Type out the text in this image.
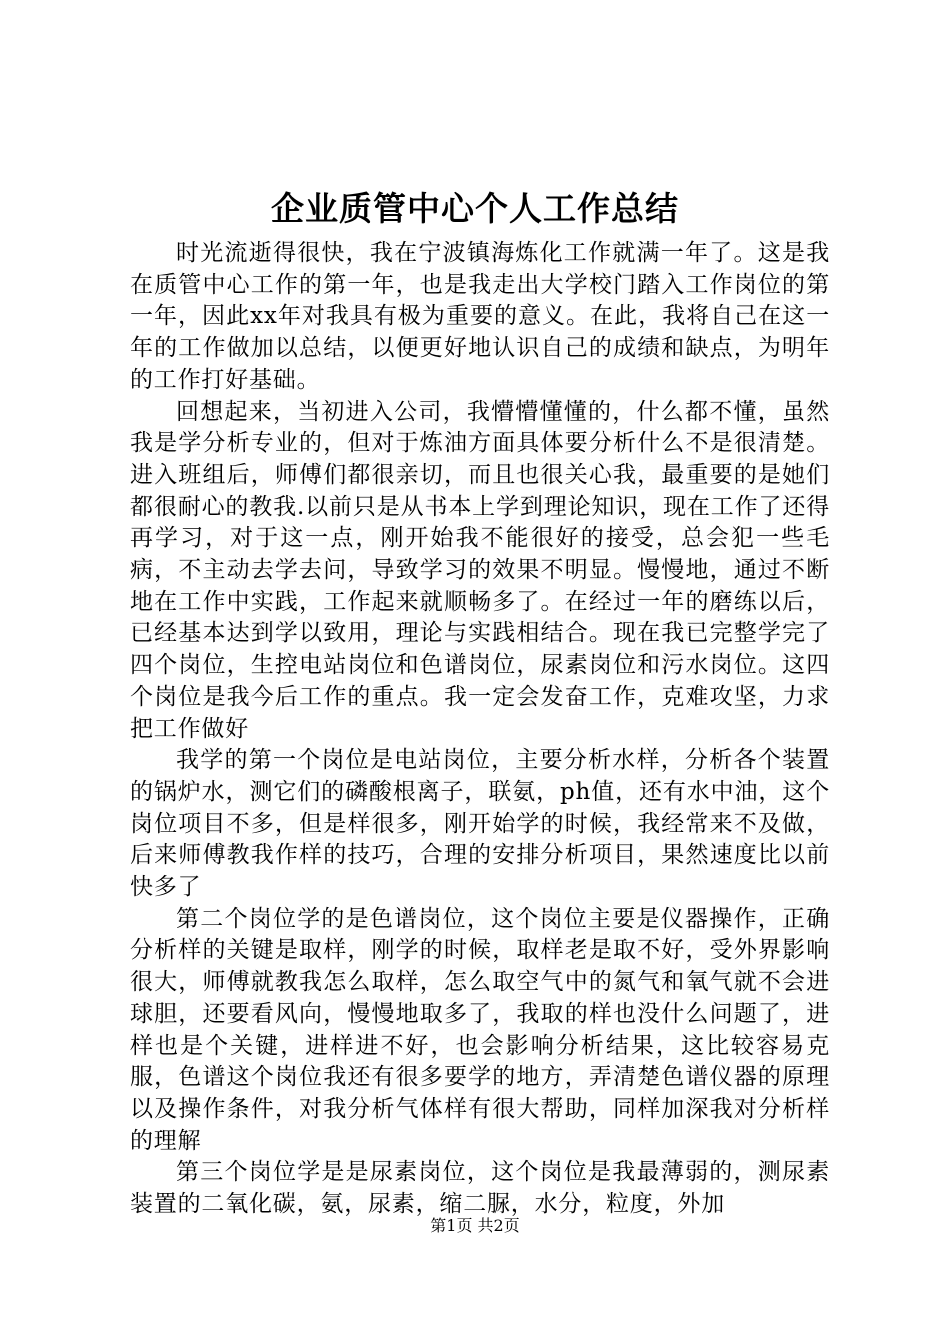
企业质管中心个人工作总结

时光流逝得很快，我在宁波镇海炼化工作就满一年了。这是我在质管中心工作的第一年，也是我走出大学校门踏入工作岗位的第一年，因此xx年对我具有极为重要的意义。在此，我将自己在这一年的工作做加以总结，以便更好地认识自己的成绩和缺点，为明年的工作打好基础。

回想起来，当初进入公司，我懵懵懂懂的，什么都不懂，虽然我是学分析专业的，但对于炼油方面具体要分析什么不是很清楚。进入班组后，师傅们都很亲切，而且也很关心我，最重要的是她们都很耐心的教我.以前只是从书本上学到理论知识，现在工作了还得再学习，对于这一点，刚开始我不能很好的接受，总会犯一些毛病，不主动去学去问，导致学习的效果不明显。慢慢地，通过不断地在工作中实践，工作起来就顺畅多了。在经过一年的磨练以后，已经基本达到学以致用，理论与实践相结合。现在我已完整学完了四个岗位，生控电站岗位和色谱岗位，尿素岗位和污水岗位。这四个岗位是我今后工作的重点。我一定会发奋工作，克难攻坚，力求把工作做好

我学的第一个岗位是电站岗位，主要分析水样，分析各个装置的锅炉水，测它们的磷酸根离子，联氨，ph值，还有水中油，这个岗位项目不多，但是样很多，刚开始学的时候，我经常来不及做，后来师傅教我作样的技巧，合理的安排分析项目，果然速度比以前快多了

第二个岗位学的是色谱岗位，这个岗位主要是仪器操作，正确分析样的关键是取样，刚学的时候，取样老是取不好，受外界影响很大，师傅就教我怎么取样，怎么取空气中的氮气和氧气就不会进球胆，还要看风向，慢慢地取多了，我取的样也没什么问题了，进样也是个关键，进样进不好，也会影响分析结果，这比较容易克服，色谱这个岗位我还有很多要学的地方，弄清楚色谱仪器的原理以及操作条件，对我分析气体样有很大帮助，同样加深我对分析样的理解

第三个岗位学是是尿素岗位，这个岗位是我最薄弱的，测尿素装置的二氧化碳，氨，尿素，缩二脲，水分，粒度，外加

第1页 共2页
